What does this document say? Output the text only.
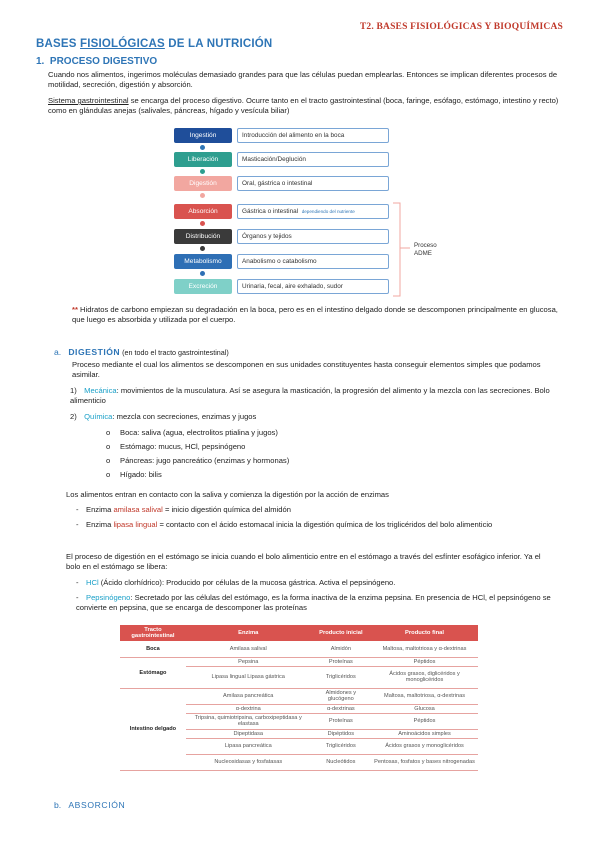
T2. BASES FISIOLÓGICAS Y BIOQUÍMICAS
BASES FISIOLÓGICAS DE LA NUTRICIÓN
1. PROCESO DIGESTIVO
Cuando nos alimentos, ingerimos moléculas demasiado grandes para que las células puedan emplearlas. Entonces se implican diferentes procesos de motilidad, secreción, digestión y absorción.
Sistema gastrointestinal se encarga del proceso digestivo. Ocurre tanto en el tracto gastrointestinal (boca, faringe, esófago, estómago, intestino y recto) como en glándulas anejas (salivales, páncreas, hígado y vesícula biliar)
Ingestión	Introducción del alimento en la boca
Liberación	Masticación/Deglución
Digestión	Oral, gástrica o intestinal
Absorción	Gástrica o intestinal
dependiendo del nutriente
Distribución	Órganos y tejidos
Metabolismo	Anabolismo o catabolismo
Excreción	Urinaria, fecal, aire exhalado, sudor
Proceso
ADME
** Hidratos de carbono empiezan su degradación en la boca, pero es en el intestino delgado donde se descomponen principalmente en glucosa, que luego es absorbida y utilizada por el cuerpo.
a. DIGESTIÓN (en todo el tracto gastrointestinal)
Proceso mediante el cual los alimentos se descomponen en sus unidades constituyentes hasta conseguir elementos simples que podamos asimilar.
1) Mecánica: movimientos de la musculatura. Así se asegura la masticación, la progresión del alimento y la mezcla con las secreciones. Bolo alimenticio
2) Química: mezcla con secreciones, enzimas y jugos
o Boca: saliva (agua, electrolitos ptialina y jugos)
o Estómago: mucus, HCl, pepsinógeno
o Páncreas: jugo pancreático (enzimas y hormonas)
o Hígado: bilis
Los alimentos entran en contacto con la saliva y comienza la digestión por la acción de enzimas
- Enzima amilasa salival = inicio digestión química del almidón
- Enzima lipasa lingual = contacto con el ácido estomacal inicia la digestión química de los triglicéridos del bolo alimenticio
El proceso de digestión en el estómago se inicia cuando el bolo alimenticio entre en el estómago a través del esfínter esofágico inferior. Ya el bolo en el estómago se libera:
- HCl (Ácido clorhídrico): Producido por células de la mucosa gástrica. Activa el pepsinógeno.
- Pepsinógeno: Secretado por las células del estómago, es la forma inactiva de la enzima pepsina. En presencia de HCl, el pepsinógeno se convierte en pepsina, que se encarga de descomponer las proteínas
Tracto gastrointestinal	Enzima	Producto inicial	Producto final
Boca	Amilasa salival	Almidón	Maltosa, maltotriosa y α-dextrinas
Estómago	Pepsina	Proteínas	Péptidos
	Lipasa lingual Lipasa gástrica	Triglicéridos	Ácidos grasos, diglicéridos y monoglicéridos
Intestino delgado	Amilasa pancreática	Almidones y glucógeno	Maltosa, maltotriosa, α-dextrinas
	α-dextrina	α-dextrinas	Glucosa
	Tripsina, quimiotripsina, carboxipeptidasa y elastasa	Proteínas	Péptidos
	Dipeptidasa	Dipéptidos	Aminoácidos simples
	Lipasa pancreática	Triglicéridos	Ácidos grasos y monoglicéridos
	Nucleosidasas y fosfatasas	Nucleótidos	Pentosas, fosfatos y bases nitrogenadas
b. ABSORCIÓN
